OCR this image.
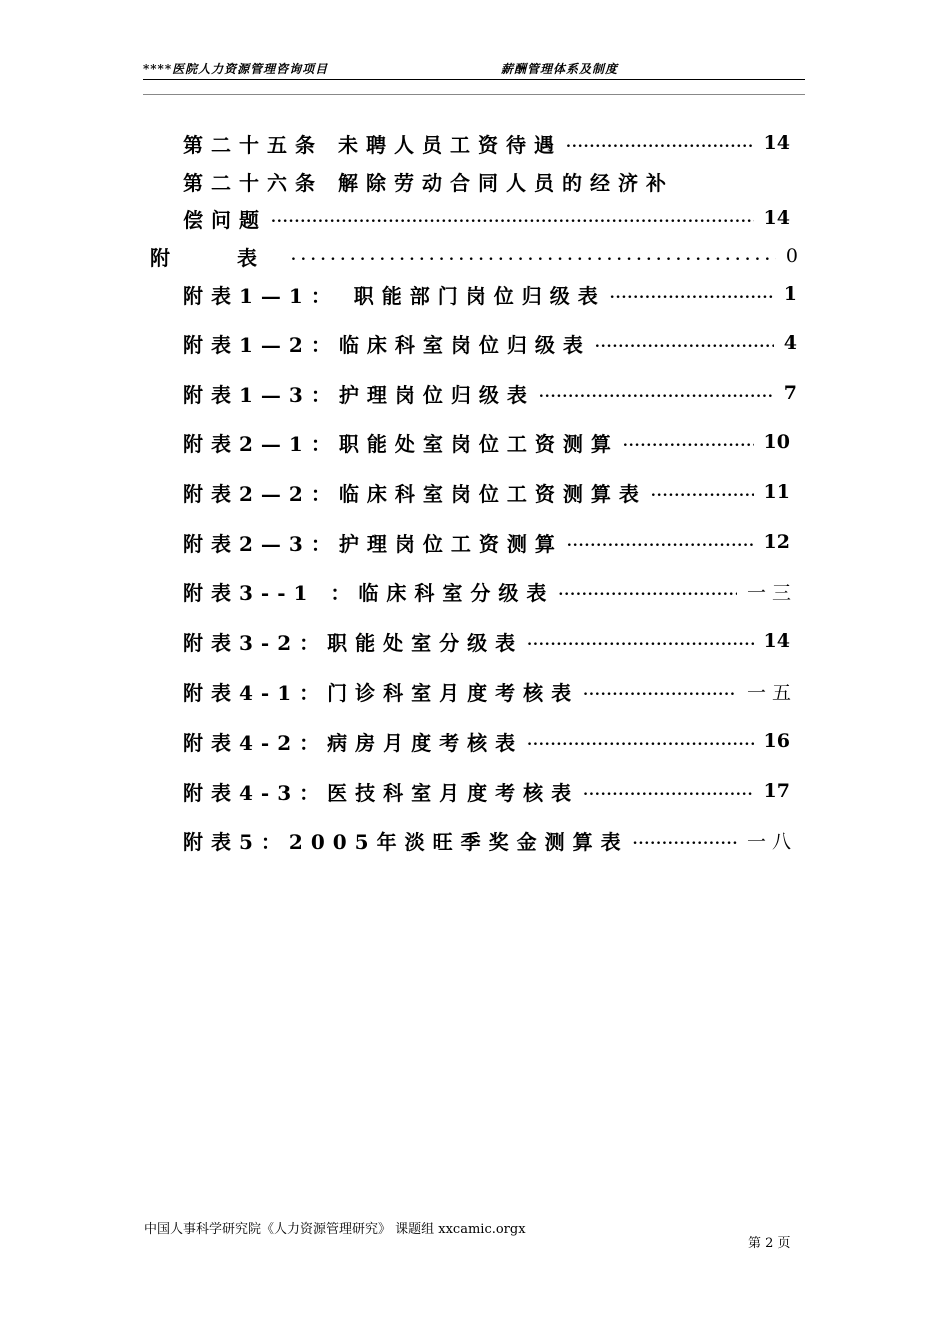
****医院人力资源管理咨询项目	薪酬管理体系及制度
第二十五条 未聘人员工资待遇 .....	14
第二十六条 解除劳动合同人员的经济补
偿问题 .....	14
附 表 .....	0
附表1—1： 职能部门岗位归级表 .....	1
附表1—2：临床科室岗位归级表 .....	4
附表1—3：护理岗位归级表 .....	7
附表2—1：职能处室岗位工资测算 .....	10
附表2—2：临床科室岗位工资测算表 .....	11
附表2—3：护理岗位工资测算 .....	12
附表3--1 ：临床科室分级表 .....	一三
附表3-2：职能处室分级表 .....	14
附表4-1：门诊科室月度考核表 .....	一五
附表4-2：病房月度考核表 .....	16
附表4-3：医技科室月度考核表 .....	17
附表5：2005年淡旺季奖金测算表 .....	一八
中国人事科学研究院《人力资源管理研究》 课题组 xxcamic.orgx
第 2 页
